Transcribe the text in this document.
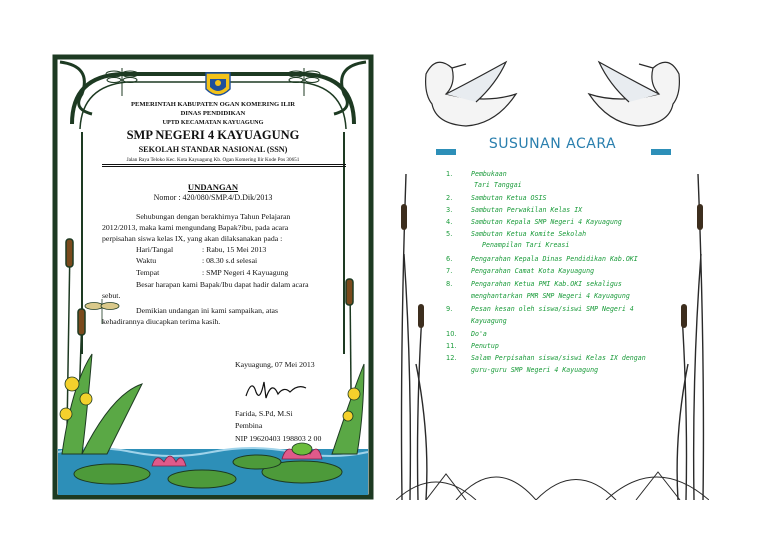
PEMERINTAH KABUPATEN OGAN KOMERING ILIR
DINAS PENDIDIKAN
UPTD KECAMATAN KAYUAGUNG
SMP NEGERI 4 KAYUAGUNG
SEKOLAH STANDAR NASIONAL (SSN)
Jalan Raya Teloko Kec. Kota Kayuagung Kb. Ogan Komering Ilir Kode Pos 30651
UNDANGAN
Nomor : 420/080/SMP.4/D.Dik/2013
Sehubungan dengan berakhirnya Tahun Pelajaran
2012/2013, maka kami mengundang Bapak?ibu, pada acara
perpisahan siswa kelas IX, yang akan dilaksanakan pada :
Hari/Tangal	: Rabu, 15 Mei 2013
Waktu	: 08.30 s.d selesai
Tempat	: SMP Negeri 4 Kayuagung
Besar harapan kami Bapak/Ibu dapat hadir dalam acara
sebut.
Demikian undangan ini kami sampaikan, atas
kehadirannya diucapkan terima kasih.
Kayuagung, 07 Mei 2013
Farida, S.Pd, M.Si
Pembina
NIP 19620403 198803 2 00
SUSUNAN ACARA
1.	Pembukaan
Tari Tanggai
2.	Sambutan Ketua OSIS
3.	Sambutan Perwakilan Kelas IX
4.	Sambutan Kepala SMP Negeri 4 Kayuagung
5.	Sambutan Ketua Komite Sekolah
Penampilan Tari Kreasi
6.	Pengarahan Kepala Dinas Pendidikan Kab.OKI
7.	Pengarahan Camat Kota Kayuagung
8.	Pengarahan Ketua PMI Kab.OKI sekaligus
menghantarkan PMR SMP Negeri 4 Kayuagung
9.	Pesan kesan oleh siswa/siswi SMP Negeri 4
Kayuagung
10. Do'a
11. Penutup
12. Salam Perpisahan siswa/siswi Kelas IX dengan
guru-guru SMP Negeri 4 Kayuagung
